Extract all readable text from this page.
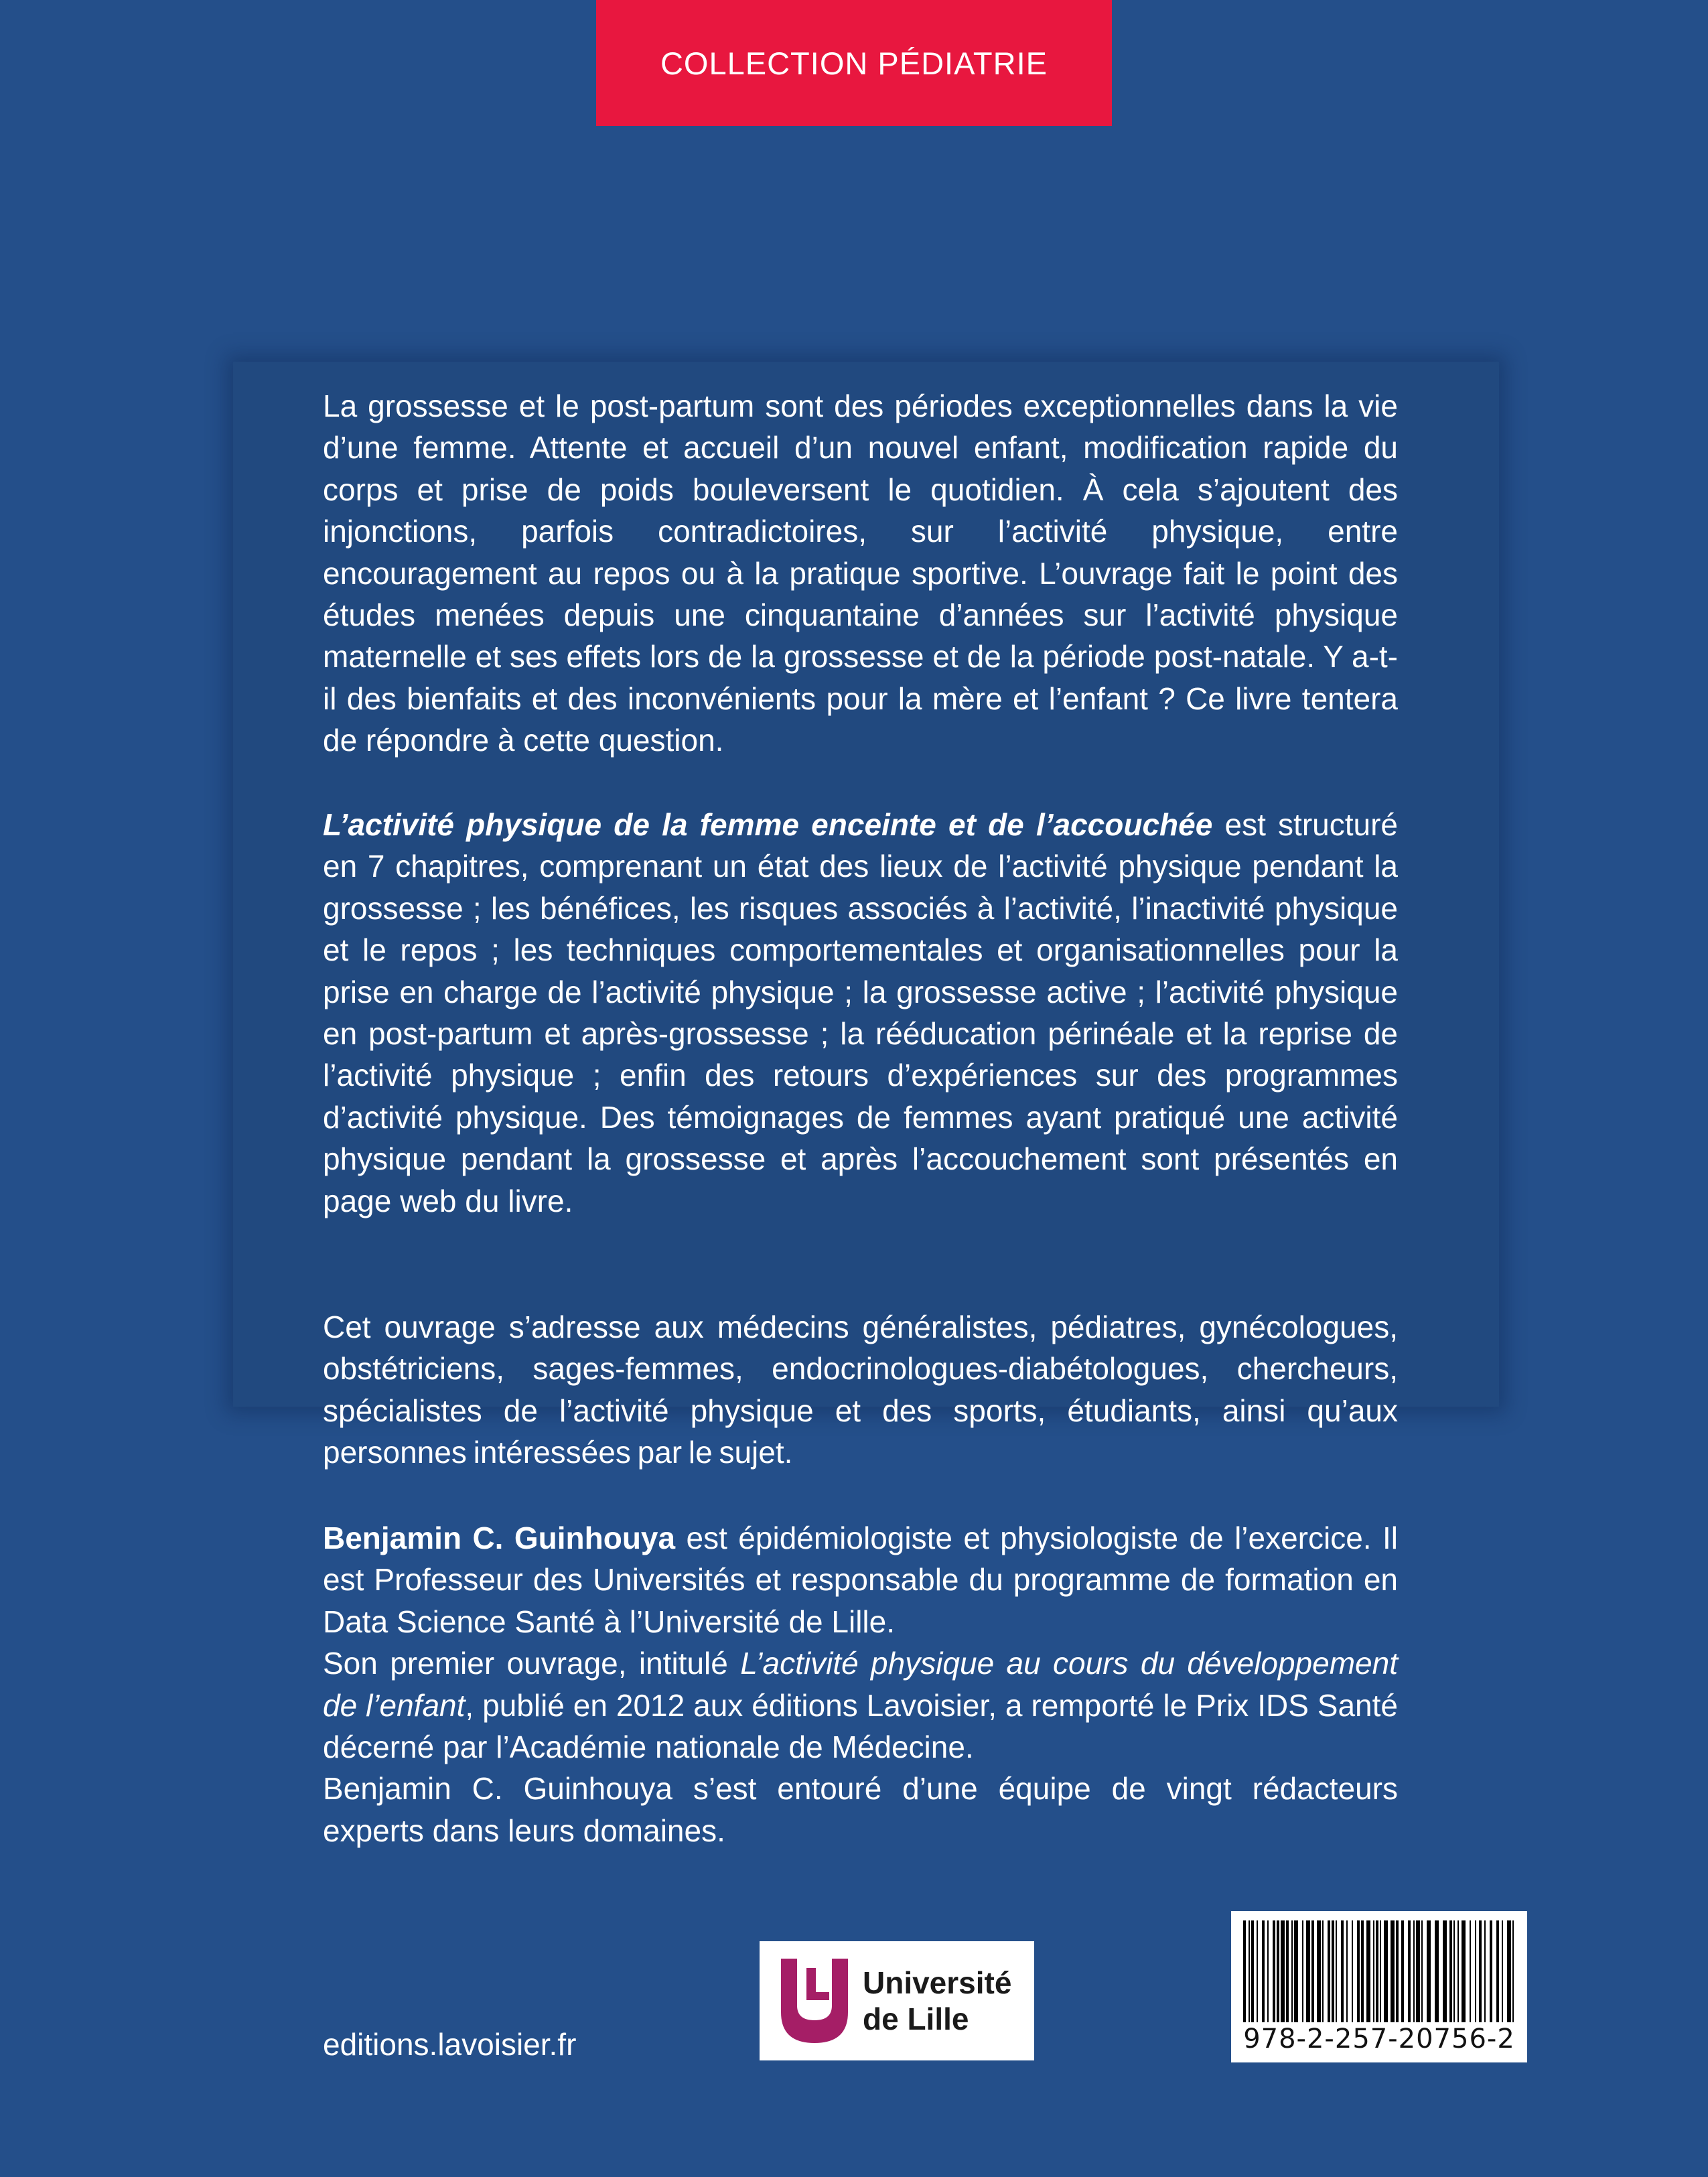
COLLECTION PÉDIATRIE

La grossesse et le post-partum sont des périodes exceptionnelles dans la vie d’une femme. Attente et accueil d’un nouvel enfant, modification rapide du corps et prise de poids bouleversent le quotidien. À cela s’ajoutent des injonctions, parfois contradictoires, sur l’activité physique, entre encouragement au repos ou à la pratique sportive. L’ouvrage fait le point des études menées depuis une cinquantaine d’années sur l’activité physique maternelle et ses effets lors de la grossesse et de la période post-natale. Y a-t-il des bienfaits et des inconvénients pour la mère et l’enfant ? Ce livre tentera de répondre à cette question.

L’activité physique de la femme enceinte et de l’accouchée est structuré en 7 chapitres, comprenant un état des lieux de l’activité physique pendant la grossesse ; les bénéfices, les risques associés à l’activité, l’inactivité physique et le repos ; les techniques comportementales et organisationnelles pour la prise en charge de l’activité physique ; la grossesse active ; l’activité physique en post-partum et après-grossesse ; la rééducation périnéale et la reprise de l’activité physique ; enfin des retours d’expériences sur des programmes d’activité physique. Des témoignages de femmes ayant pratiqué une activité physique pendant la grossesse et après l’accouchement sont présentés en page web du livre.

Cet ouvrage s’adresse aux médecins généralistes, pédiatres, gynécologues, obstétriciens, sages-femmes, endocrinologues-diabétologues, chercheurs, spécialistes de l’activité physique et des sports, étudiants, ainsi qu’aux personnes intéressées par le sujet.

Benjamin C. Guinhouya est épidémiologiste et physiologiste de l’exercice. Il est Professeur des Universités et responsable du programme de formation en Data Science Santé à l’Université de Lille.

Son premier ouvrage, intitulé L’activité physique au cours du développement de l’enfant, publié en 2012 aux éditions Lavoisier, a remporté le Prix IDS Santé décerné par l’Académie nationale de Médecine.

Benjamin C. Guinhouya s’est entouré d’une équipe de vingt rédacteurs experts dans leurs domaines.

editions.lavoisier.fr
Université
de Lille
978-2-257-20756-2
